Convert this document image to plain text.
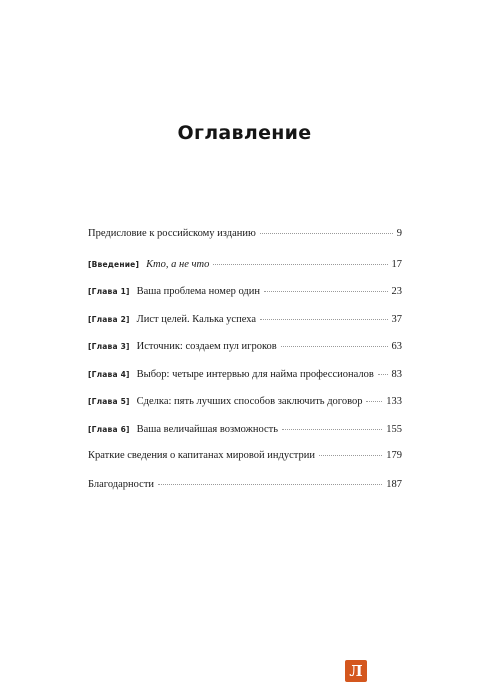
Оглавление
Предисловие к российскому изданию	9
[Введение] Кто, а не что	17
[Глава 1] Ваша проблема номер один	23
[Глава 2] Лист целей. Калька успеха	37
[Глава 3] Источник: создаем пул игроков	63
[Глава 4] Выбор: четыре интервью для найма профессионалов 83
[Глава 5] Сделка: пять лучших способов заключить договор 133
[Глава 6] Ваша величайшая возможность	155
Краткие сведения о капитанах мировой индустрии	179
Благодарности	187
Л
